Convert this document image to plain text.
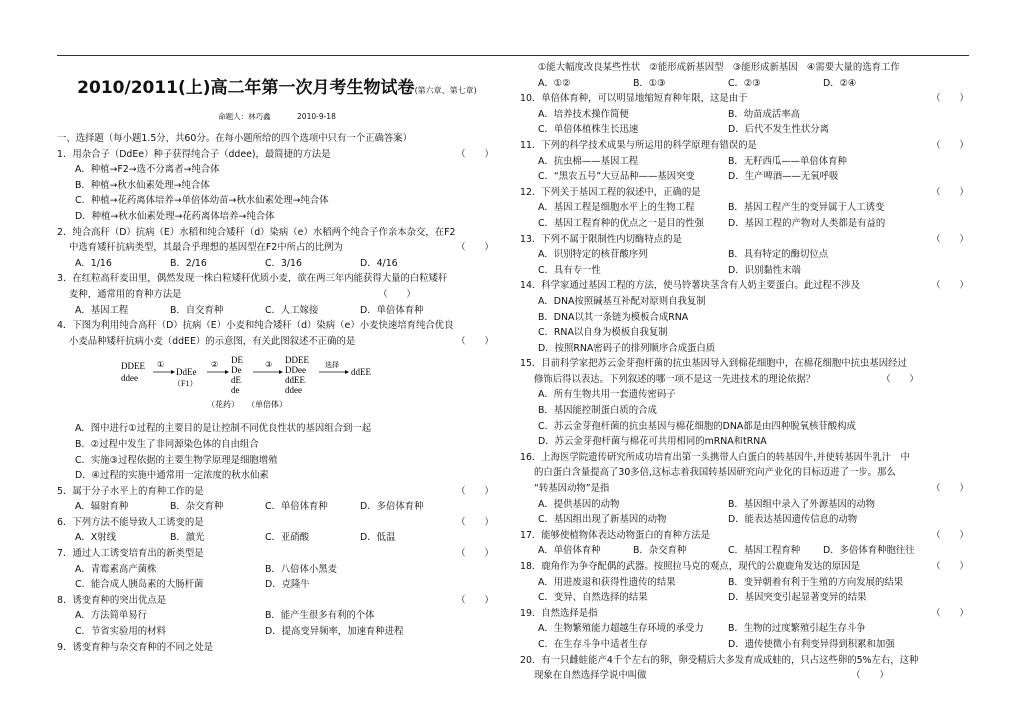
2010/2011(上)高二年第一次月考生物试卷(第六章、第七章)
命题人：林巧鑫	2010-9-18
一、选择题（每小题1.5分，共60分。在每小题所给的四个选项中只有一个正确答案）
1．用杂合子（DdEe）种子获得纯合子（ddee)，最简捷的方法是	（　　）
A．种植→F2→选不分离者→纯合体
B．种植→秋水仙素处理→纯合体
C．种植→花药离体培养→单倍体幼苗→秋水仙素处理→纯合体
D．种植→秋水仙素处理→花药离体培养→纯合体
2．纯合高秆（D）抗病（E）水稻和纯合矮秆（d）染病（e）水稻两个纯合子作亲本杂交，在F2
中选育矮秆抗病类型，其最合乎理想的基因型在F2中所占的比例为	（　　）
A．1/16	B．2/16	C．3/16	D．4/16
3．在红粒高秆麦田里，偶然发现一株白粒矮秆优质小麦，欲在两三年内能获得大量的白粒矮秆
麦种，通常用的育种方法是	（　　）
A．基因工程	B．自交育种	C．人工嫁接	D．单倍体育种
4．下图为利用纯合高秆（D）抗病（E）小麦和纯合矮秆（d）染病（e）小麦快速培育纯合优良
小麦品种矮秆抗病小麦（ddEE）的示意图，有关此图叙述不正确的是	（　　）
DDEE
ddee
①
DdEe
（F1）
② DE
De
dE
de
③ DDEE
DDee
ddEE
ddee
选择
ddEE
（花药） （单倍体）
A．图中进行①过程的主要目的是让控制不同优良性状的基因组合到一起
B．②过程中发生了非同源染色体的自由组合
C．实施③过程依据的主要生物学原理是细胞增殖
D．④过程的实施中通常用一定浓度的秋水仙素
5．属于分子水平上的育种工作的是	（　　）
A．辐射育种	B．杂交育种	C．单倍体育种	D．多倍体育种
6．下列方法不能导致人工诱变的是	（　　）
A．X射线	B．激光	C．亚硝酸	D．低温
7．通过人工诱变培育出的新类型是	（　　）
A．青霉素高产菌株	B．八倍体小黑麦
C．能合成人胰岛素的大肠杆菌	D．克隆牛
8．诱变育种的突出优点是	（　　）
A．方法简单易行	B．能产生很多有利的个体
C．节省实验用的材料	D．提高变异频率，加速育种进程
9．诱变育种与杂交育种的不同之处是
①能大幅度改良某些性状　②能形成新基因型　③能形成新基因　④需要大量的选育工作
A．①②	B．①③	C．②③	D．②④
10．单倍体育种，可以明显地缩短育种年限，这是由于	（　　）
A．培养技术操作简便	B．幼苗成活率高
C．单倍体植株生长迅速	D．后代不发生性状分离
11．下列的科学技术成果与所运用的科学原理有错误的是	（　　）
A．抗虫棉——基因工程	B．无籽西瓜——单倍体育种
C．“黑农五号”大豆品种——基因突变	D．生产啤酒——无氧呼吸
12．下列关于基因工程的叙述中，正确的是	（　　）
A．基因工程是细胞水平上的生物工程	B．基因工程产生的变异属于人工诱变
C．基因工程育种的优点之一是目的性强	D．基因工程的产物对人类都是有益的
13．下列不属于限制性内切酶特点的是	（　　）
A．识别特定的核苷酸序列	B．具有特定的酶切位点
C．具有专一性	D．识别黏性末端
14．科学家通过基因工程的方法，使马铃薯块茎含有人奶主要蛋白。此过程不涉及	（　　）
A．DNA按照碱基互补配对原则自我复制
B．DNA以其一条链为模板合成RNA
C．RNA以自身为模板自我复制
D．按照RNA密码子的排列顺序合成蛋白质
15．目前科学家把苏云金芽孢杆菌的抗虫基因导入到棉花细胞中，在棉花细胞中抗虫基因经过
修饰后得以表达。下列叙述的哪一项不是这一先进技术的理论依据？	（　　）
A．所有生物共用一套遗传密码子
B．基因能控制蛋白质的合成
C．苏云金芽孢杆菌的抗虫基因与棉花细胞的DNA都是由四种脱氧核苷酸构成
D．苏云金芽孢杆菌与棉花可共用相同的mRNA和tRNA
16．上海医学院遗传研究所成功培育出第一头携带人白蛋白的转基因牛,并使转基因牛乳汁　中
的白蛋白含量提高了30多倍,这标志着我国转基因研究向产业化的目标迈进了一步。那么
“转基因动物”是指	（　　）
A．提供基因的动物	B．基因组中录入了外源基因的动物
C．基因组出现了新基因的动物	D．能表达基因遗传信息的动物
17．能够使植物体表达动物蛋白的育种方法是	（　　）
A．单倍体育种	B．杂交育种	C．基因工程育种	D．多倍体育种胞往往
18．鹿角作为争夺配偶的武器。按照拉马克的观点，现代的公鹿鹿角发达的原因是	（　　）
A．用进废退和获得性遗传的结果	B．变异朝着有利于生殖的方向发展的结果
C．变异、自然选择的结果	D．基因突变引起显著变异的结果
19．自然选择是指	（　　）
A．生物繁殖能力超越生存环境的承受力	B．生物的过度繁殖引起生存斗争
C．在生存斗争中适者生存	D．遗传使微小有利变异得到积累和加强
20．有一只雌蛙能产4千个左右的卵，卵受精后大多发育成成蛙的，只占这些卵的5%左右，这种
现象在自然选择学说中叫做	（　　）
